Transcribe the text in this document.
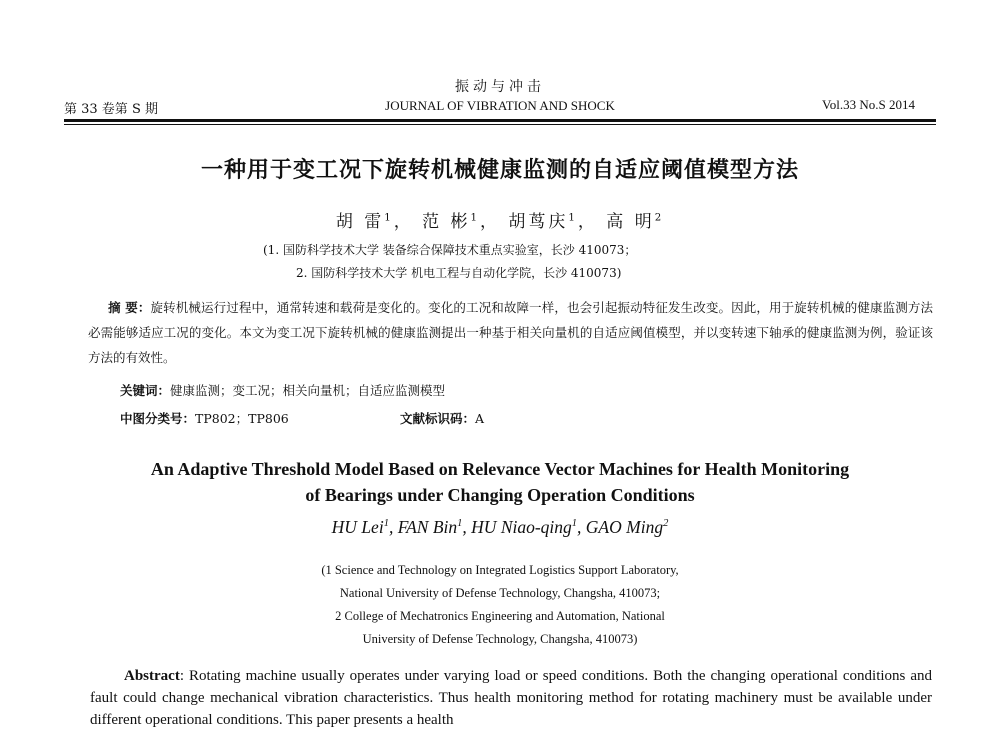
振动与冲击
第 33 卷第 S 期	JOURNAL OF VIBRATION AND SHOCK	Vol.33 No.S 2014
一种用于变工况下旋转机械健康监测的自适应阈值模型方法
胡 雷$^1$， 范 彬$^1$， 胡茑庆$^1$， 高 明$^2$
(1. 国防科学技术大学 装备综合保障技术重点实验室，长沙 410073；
2. 国防科学技术大学 机电工程与自动化学院，长沙 410073)
摘 要：旋转机械运行过程中，通常转速和载荷是变化的。变化的工况和故障一样，也会引起振动特征发生改变。因此，用于旋转机械的健康监测方法必需能够适应工况的变化。本文为变工况下旋转机械的健康监测提出一种基于相关向量机的自适应阈值模型，并以变转速下轴承的健康监测为例，验证该方法的有效性。
关键词：健康监测；变工况；相关向量机；自适应监测模型
中图分类号：TP802；TP806	文献标识码：A
An Adaptive Threshold Model Based on Relevance Vector Machines for Health Monitoring
of Bearings under Changing Operation Conditions
HU Lei$^1$, FAN Bin$^1$, HU Niao-qing$^1$, GAO Ming$^2$
(1 Science and Technology on Integrated Logistics Support Laboratory,
National University of Defense Technology, Changsha, 410073;
2 College of Mechatronics Engineering and Automation, National
University of Defense Technology, Changsha, 410073)
Abstract: Rotating machine usually operates under varying load or speed conditions. Both the changing operational conditions and fault could change mechanical vibration characteristics. Thus health monitoring method for rotating machinery must be available under different operational conditions. This paper presents a health
